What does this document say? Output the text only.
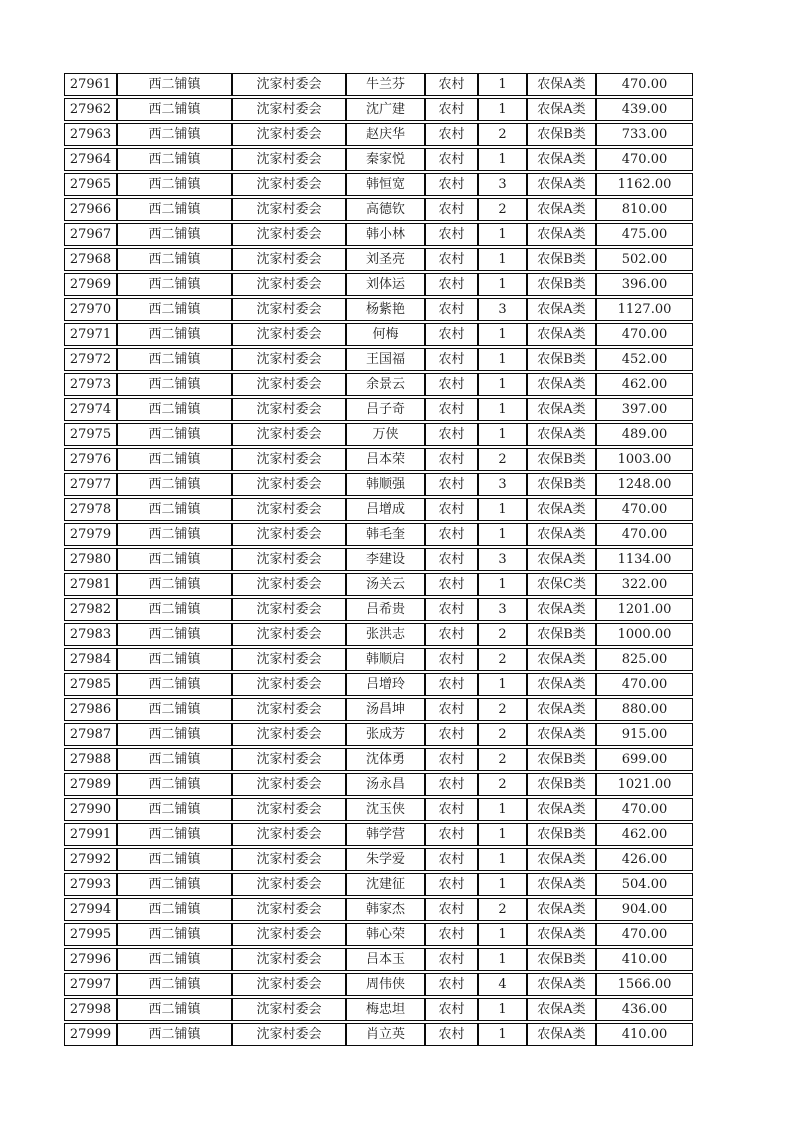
27961	西二铺镇	沈家村委会	牛兰芬	农村	1	农保A类	470.00
27962	西二铺镇	沈家村委会	沈广建	农村	1	农保A类	439.00
27963	西二铺镇	沈家村委会	赵庆华	农村	2	农保B类	733.00
27964	西二铺镇	沈家村委会	秦家悦	农村	1	农保A类	470.00
27965	西二铺镇	沈家村委会	韩恒宽	农村	3	农保A类	1162.00
27966	西二铺镇	沈家村委会	高德钦	农村	2	农保A类	810.00
27967	西二铺镇	沈家村委会	韩小林	农村	1	农保A类	475.00
27968	西二铺镇	沈家村委会	刘圣亮	农村	1	农保B类	502.00
27969	西二铺镇	沈家村委会	刘体运	农村	1	农保B类	396.00
27970	西二铺镇	沈家村委会	杨紫艳	农村	3	农保A类	1127.00
27971	西二铺镇	沈家村委会	何梅	农村	1	农保A类	470.00
27972	西二铺镇	沈家村委会	王国福	农村	1	农保B类	452.00
27973	西二铺镇	沈家村委会	余景云	农村	1	农保A类	462.00
27974	西二铺镇	沈家村委会	吕子奇	农村	1	农保A类	397.00
27975	西二铺镇	沈家村委会	万侠	农村	1	农保A类	489.00
27976	西二铺镇	沈家村委会	吕本荣	农村	2	农保B类	1003.00
27977	西二铺镇	沈家村委会	韩顺强	农村	3	农保B类	1248.00
27978	西二铺镇	沈家村委会	吕增成	农村	1	农保A类	470.00
27979	西二铺镇	沈家村委会	韩毛奎	农村	1	农保A类	470.00
27980	西二铺镇	沈家村委会	李建设	农村	3	农保A类	1134.00
27981	西二铺镇	沈家村委会	汤关云	农村	1	农保C类	322.00
27982	西二铺镇	沈家村委会	吕希贵	农村	3	农保A类	1201.00
27983	西二铺镇	沈家村委会	张洪志	农村	2	农保B类	1000.00
27984	西二铺镇	沈家村委会	韩顺启	农村	2	农保A类	825.00
27985	西二铺镇	沈家村委会	吕增玲	农村	1	农保A类	470.00
27986	西二铺镇	沈家村委会	汤昌坤	农村	2	农保A类	880.00
27987	西二铺镇	沈家村委会	张成芳	农村	2	农保A类	915.00
27988	西二铺镇	沈家村委会	沈体勇	农村	2	农保B类	699.00
27989	西二铺镇	沈家村委会	汤永昌	农村	2	农保B类	1021.00
27990	西二铺镇	沈家村委会	沈玉侠	农村	1	农保A类	470.00
27991	西二铺镇	沈家村委会	韩学营	农村	1	农保B类	462.00
27992	西二铺镇	沈家村委会	朱学爱	农村	1	农保A类	426.00
27993	西二铺镇	沈家村委会	沈建征	农村	1	农保A类	504.00
27994	西二铺镇	沈家村委会	韩家杰	农村	2	农保A类	904.00
27995	西二铺镇	沈家村委会	韩心荣	农村	1	农保A类	470.00
27996	西二铺镇	沈家村委会	吕本玉	农村	1	农保B类	410.00
27997	西二铺镇	沈家村委会	周伟侠	农村	4	农保A类	1566.00
27998	西二铺镇	沈家村委会	梅忠坦	农村	1	农保A类	436.00
27999	西二铺镇	沈家村委会	肖立英	农村	1	农保A类	410.00
